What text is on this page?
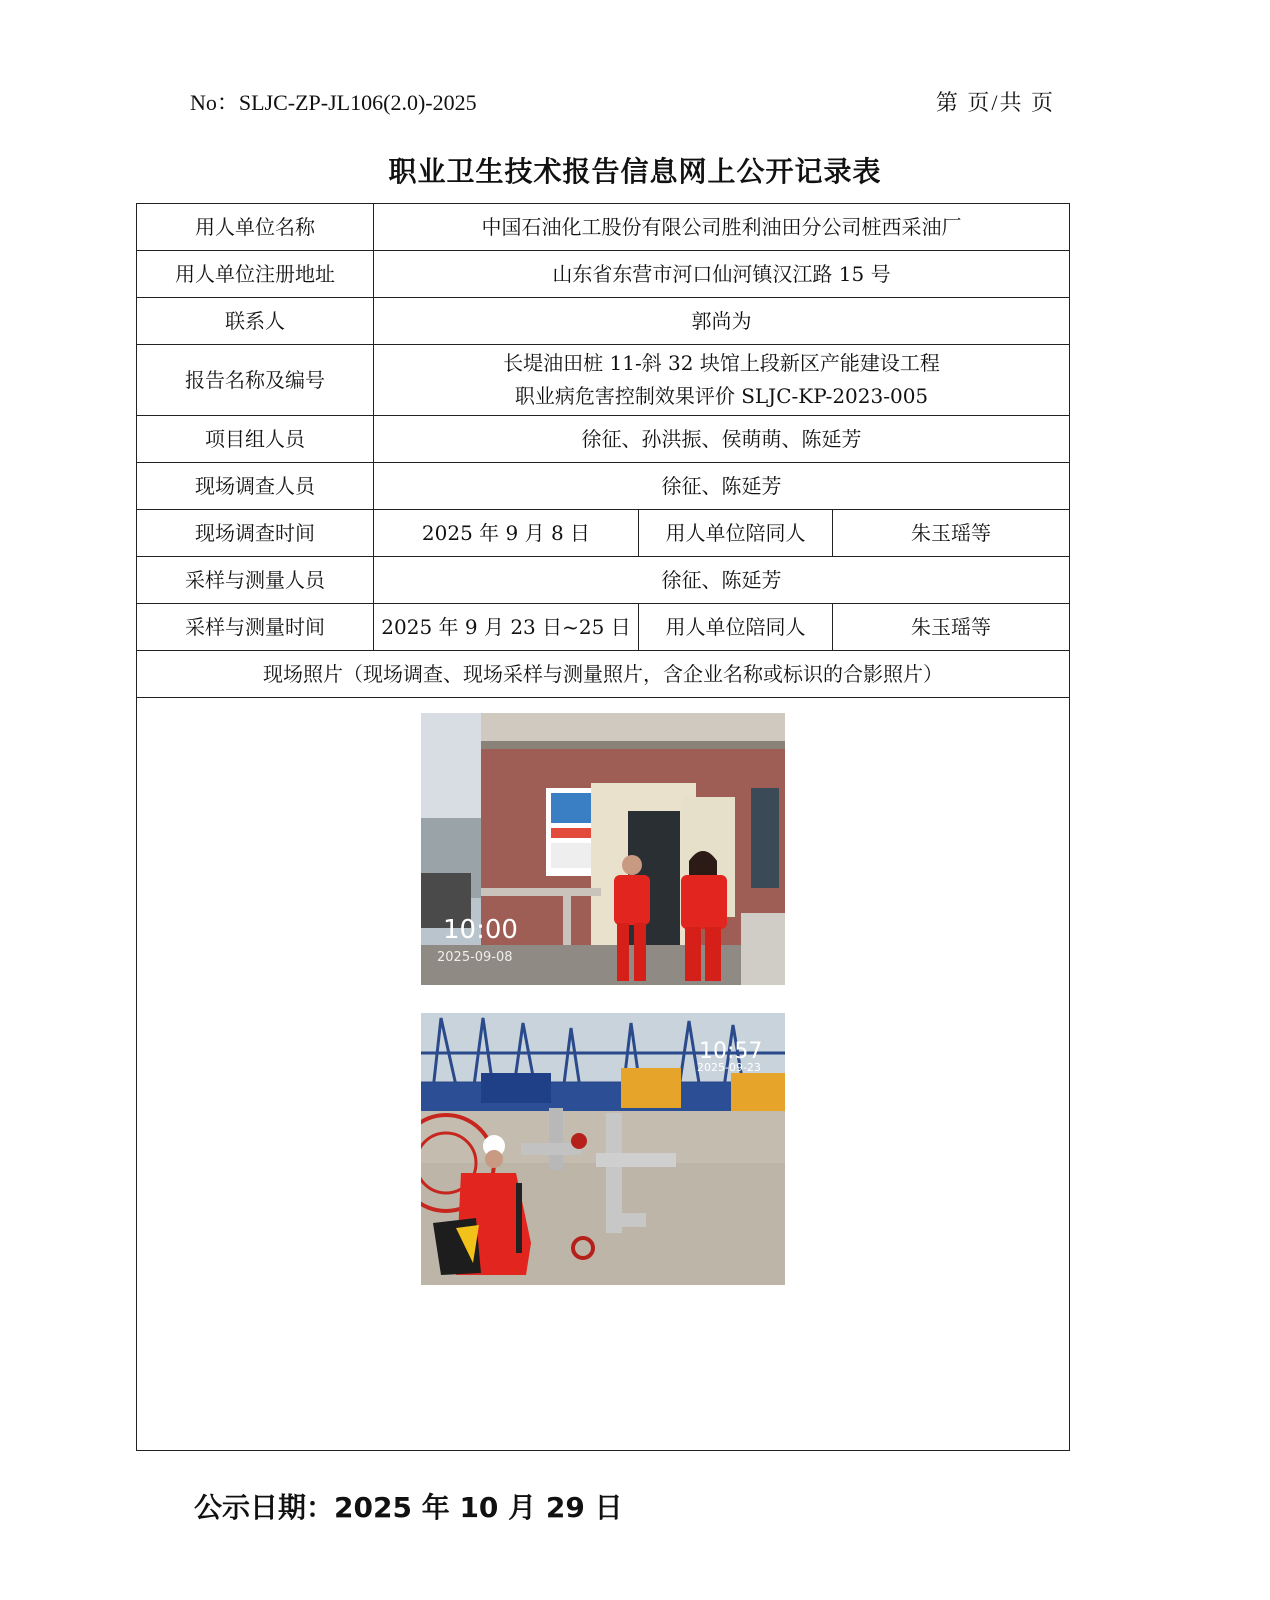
No：SLJC-ZP-JL106(2.0)-2025	第 页/共 页
职业卫生技术报告信息网上公开记录表
用人单位名称	中国石油化工股份有限公司胜利油田分公司桩西采油厂		
用人单位注册地址	山东省东营市河口仙河镇汉江路 15 号		
联系人	郭尚为		
报告名称及编号	长堤油田桩 11-斜 32 块馆上段新区产能建设工程
职业病危害控制效果评价 SLJC-KP-2023-005		

项目组人员	徐征、孙洪振、侯萌萌、陈延芳		
现场调查人员	徐征、陈延芳		
现场调查时间	2025 年 9 月 8 日	用人单位陪同人	朱玉瑶等
采样与测量人员	徐征、陈延芳		
采样与测量时间	2025 年 9 月 23 日~25 日	用人单位陪同人	朱玉瑶等
现场照片（现场调查、现场采样与测量照片，含企业名称或标识的合影照片）			

10:00
2025-09-08
10:57
2025-09-23			
公示日期：2025 年 10 月 29 日
